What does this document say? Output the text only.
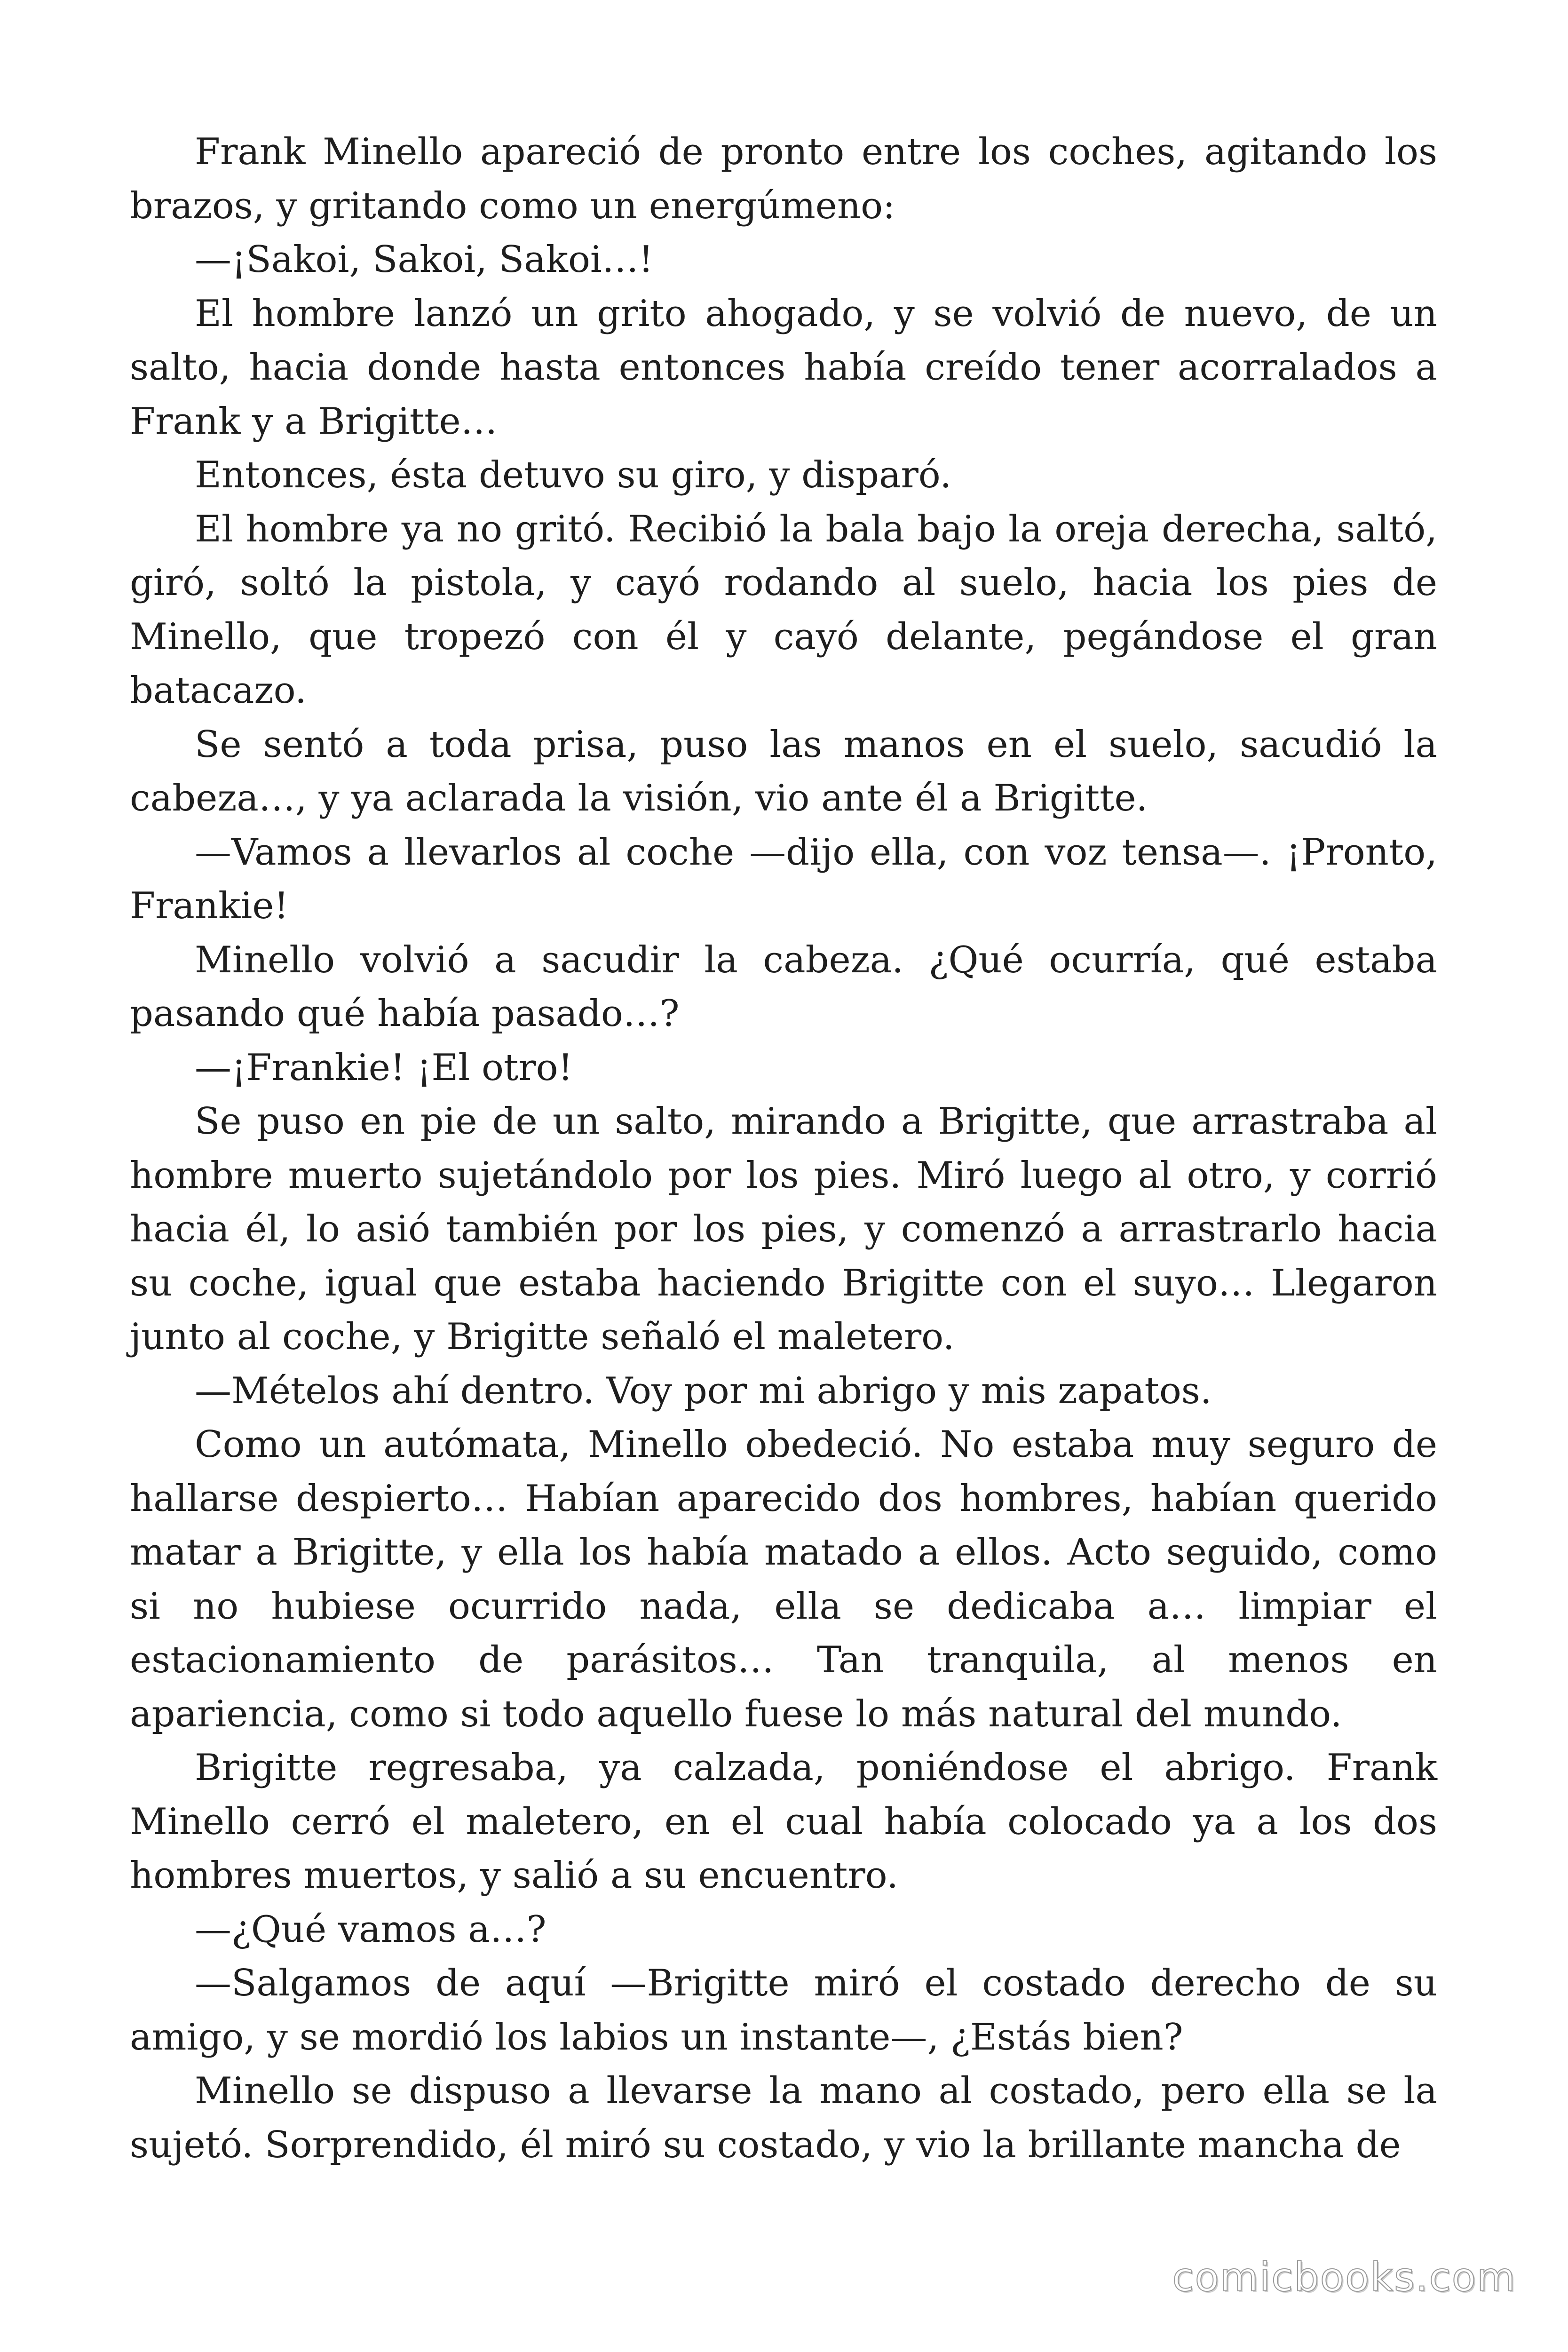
Frank Minello apareció de pronto entre los coches, agitando los brazos, y gritando como un energúmeno:

—¡Sakoi, Sakoi, Sakoi…!

El hombre lanzó un grito ahogado, y se volvió de nuevo, de un salto, hacia donde hasta entonces había creído tener acorralados a Frank y a Brigitte…

Entonces, ésta detuvo su giro, y disparó.

El hombre ya no gritó. Recibió la bala bajo la oreja derecha, saltó, giró, soltó la pistola, y cayó rodando al suelo, hacia los pies de Minello, que tropezó con él y cayó delante, pegándose el gran batacazo.

Se sentó a toda prisa, puso las manos en el suelo, sacudió la cabeza…, y ya aclarada la visión, vio ante él a Brigitte.

—Vamos a llevarlos al coche —dijo ella, con voz tensa—. ¡Pronto, Frankie!

Minello volvió a sacudir la cabeza. ¿Qué ocurría, qué estaba pasando qué había pasado…?

—¡Frankie! ¡El otro!

Se puso en pie de un salto, mirando a Brigitte, que arrastraba al hombre muerto sujetándolo por los pies. Miró luego al otro, y corrió hacia él, lo asió también por los pies, y comenzó a arrastrarlo hacia su coche, igual que estaba haciendo Brigitte con el suyo… Llegaron junto al coche, y Brigitte señaló el maletero.

—Mételos ahí dentro. Voy por mi abrigo y mis zapatos.

Como un autómata, Minello obedeció. No estaba muy seguro de hallarse despierto… Habían aparecido dos hombres, habían querido matar a Brigitte, y ella los había matado a ellos. Acto seguido, como si no hubiese ocurrido nada, ella se dedicaba a… limpiar el estacionamiento de parásitos… Tan tranquila, al menos en apariencia, como si todo aquello fuese lo más natural del mundo.

Brigitte regresaba, ya calzada, poniéndose el abrigo. Frank Minello cerró el maletero, en el cual había colocado ya a los dos hombres muertos, y salió a su encuentro.

—¿Qué vamos a…?

—Salgamos de aquí —Brigitte miró el costado derecho de su amigo, y se mordió los labios un instante—, ¿Estás bien?

Minello se dispuso a llevarse la mano al costado, pero ella se la sujetó. Sorprendido, él miró su costado, y vio la brillante mancha de

comicbooks.com
